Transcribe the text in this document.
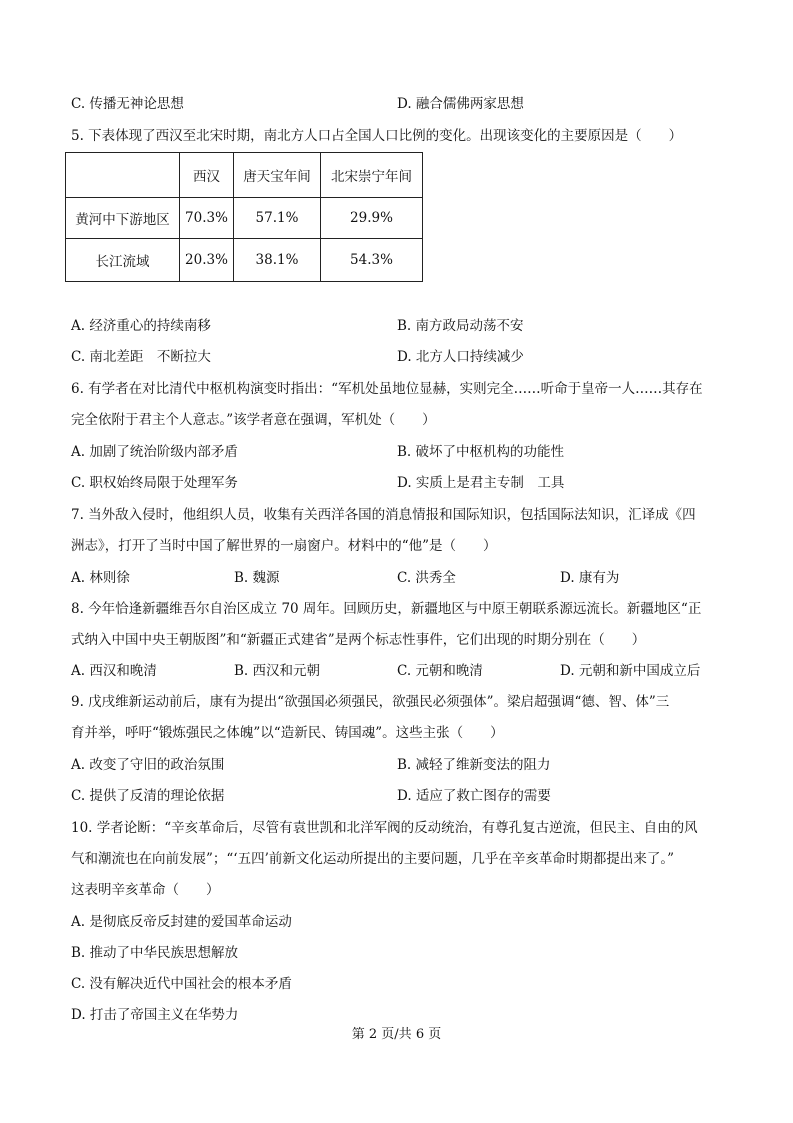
C. 传播无神论思想	D. 融合儒佛两家思想
5. 下表体现了西汉至北宋时期，南北方人口占全国人口比例的变化。出现该变化的主要原因是（　　）
	西汉	唐天宝年间	北宋崇宁年间
黄河中下游地区	70.3%	57.1%	29.9%
长江流域	20.3%	38.1%	54.3%
A. 经济重心的持续南移	B. 南方政局动荡不安
C. 南北差距　不断拉大	D. 北方人口持续减少
6. 有学者在对比清代中枢机构演变时指出：“军机处虽地位显赫，实则完全……听命于皇帝一人……其存在
完全依附于君主个人意志。”该学者意在强调，军机处（　　）
A. 加剧了统治阶级内部矛盾	B. 破坏了中枢机构的功能性
C. 职权始终局限于处理军务	D. 实质上是君主专制　工具
7. 当外敌入侵时，他组织人员，收集有关西洋各国的消息情报和国际知识，包括国际法知识，汇译成《四
洲志》，打开了当时中国了解世界的一扇窗户。材料中的“他”是（　　）
A. 林则徐	B. 魏源	C. 洪秀全	D. 康有为
8. 今年恰逢新疆维吾尔自治区成立 70 周年。回顾历史，新疆地区与中原王朝联系源远流长。新疆地区“正
式纳入中国中央王朝版图”和“新疆正式建省”是两个标志性事件，它们出现的时期分别在（　　）
A. 西汉和晚清	B. 西汉和元朝	C. 元朝和晚清	D. 元朝和新中国成立后
9. 戊戌维新运动前后，康有为提出“欲强国必须强民，欲强民必须强体”。梁启超强调“德、智、体”三
育并举，呼吁“锻炼强民之体魄”以“造新民、铸国魂”。这些主张（　　）
A. 改变了守旧的政治氛围	B. 减轻了维新变法的阻力
C. 提供了反清的理论依据	D. 适应了救亡图存的需要
10. 学者论断：“辛亥革命后，尽管有袁世凯和北洋军阀的反动统治，有尊孔复古逆流，但民主、自由的风
气和潮流也在向前发展”；“‘五四’前新文化运动所提出的主要问题，几乎在辛亥革命时期都提出来了。”
这表明辛亥革命（　　）
A. 是彻底反帝反封建的爱国革命运动
B. 推动了中华民族思想解放
C. 没有解决近代中国社会的根本矛盾
D. 打击了帝国主义在华势力
第 2 页/共 6 页
